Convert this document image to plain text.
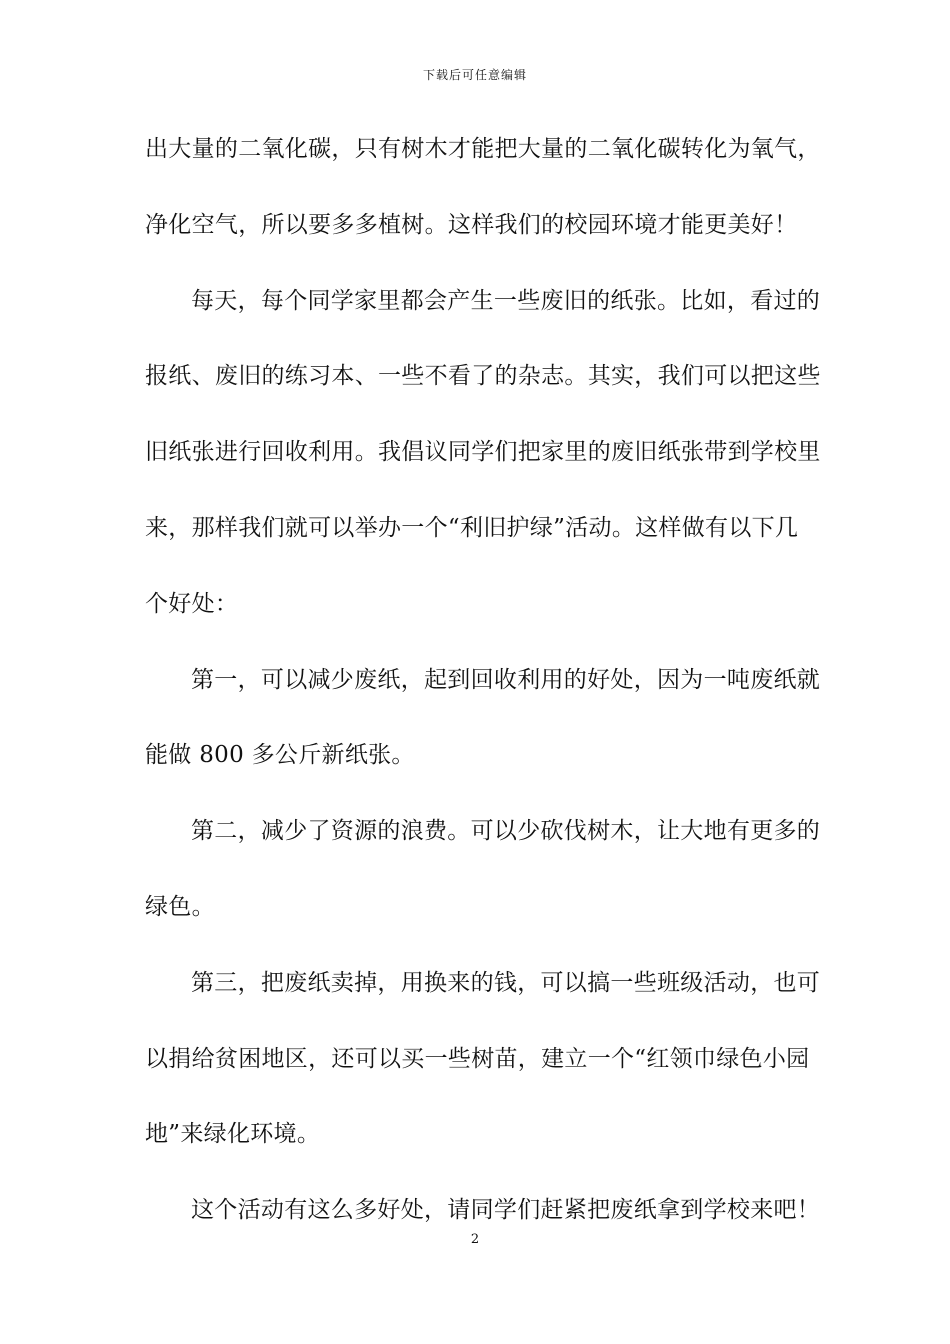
下载后可任意编辑
出大量的二氧化碳，只有树木才能把大量的二氧化碳转化为氧气，
净化空气，所以要多多植树。这样我们的校园环境才能更美好！
每天，每个同学家里都会产生一些废旧的纸张。比如，看过的
报纸、废旧的练习本、一些不看了的杂志。其实，我们可以把这些
旧纸张进行回收利用。我倡议同学们把家里的废旧纸张带到学校里
来，那样我们就可以举办一个“利旧护绿”活动。这样做有以下几
个好处：
第一，可以减少废纸，起到回收利用的好处，因为一吨废纸就
能做 800 多公斤新纸张。
第二，减少了资源的浪费。可以少砍伐树木，让大地有更多的
绿色。
第三，把废纸卖掉，用换来的钱，可以搞一些班级活动，也可
以捐给贫困地区，还可以买一些树苗，建立一个“红领巾绿色小园
地”来绿化环境。
这个活动有这么多好处，请同学们赶紧把废纸拿到学校来吧！
2
